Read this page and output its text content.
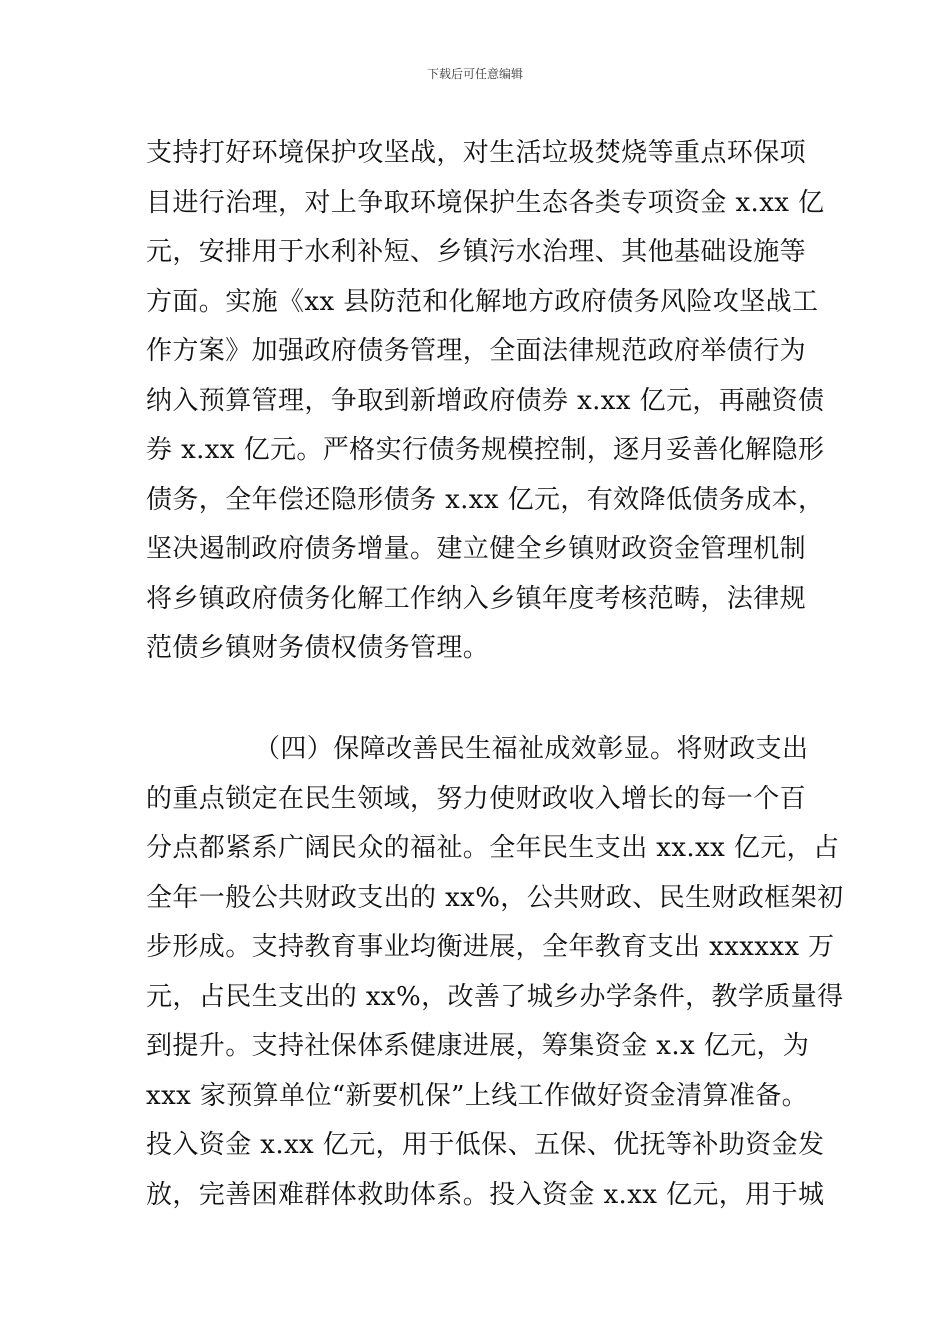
下载后可任意编辑
支持打好环境保护攻坚战，对生活垃圾焚烧等重点环保项
目进行治理，对上争取环境保护生态各类专项资金 x.xx 亿
元，安排用于水利补短、乡镇污水治理、其他基础设施等
方面。实施《xx 县防范和化解地方政府债务风险攻坚战工
作方案》加强政府债务管理，全面法律规范政府举债行为
纳入预算管理，争取到新增政府债券 x.xx 亿元，再融资债
券 x.xx 亿元。严格实行债务规模控制，逐月妥善化解隐形
债务，全年偿还隐形债务 x.xx 亿元，有效降低债务成本，
坚决遏制政府债务增量。建立健全乡镇财政资金管理机制
将乡镇政府债务化解工作纳入乡镇年度考核范畴，法律规
范债乡镇财务债权债务管理。
（四）保障改善民生福祉成效彰显。将财政支出
的重点锁定在民生领域，努力使财政收入增长的每一个百
分点都紧系广阔民众的福祉。全年民生支出 xx.xx 亿元，占
全年一般公共财政支出的 xx%，公共财政、民生财政框架初
步形成。支持教育事业均衡进展，全年教育支出 xxxxxx 万
元，占民生支出的 xx%，改善了城乡办学条件，教学质量得
到提升。支持社保体系健康进展，筹集资金 x.x 亿元，为
xxx 家预算单位“新要机保”上线工作做好资金清算准备。
投入资金 x.xx 亿元，用于低保、五保、优抚等补助资金发
放，完善困难群体救助体系。投入资金 x.xx 亿元，用于城
